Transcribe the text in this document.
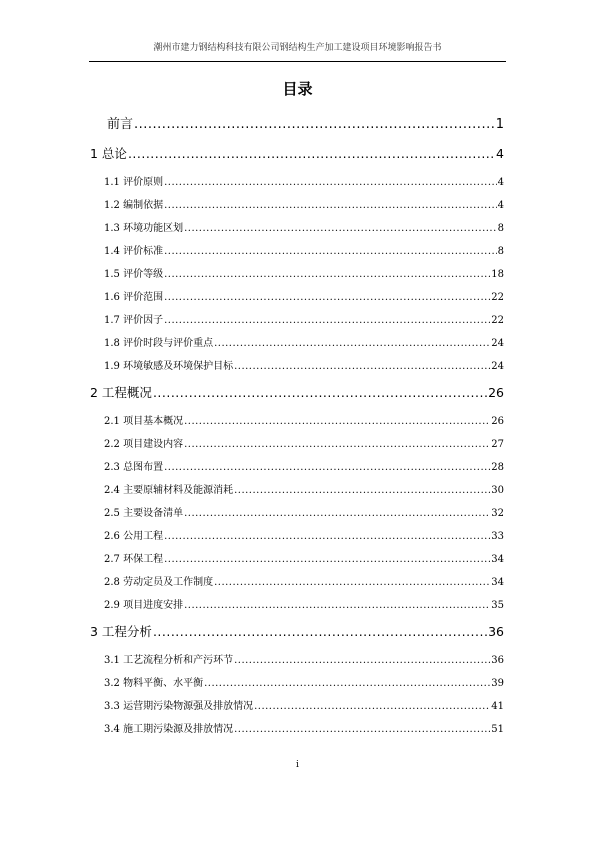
潮州市建力钢结构科技有限公司钢结构生产加工建设项目环境影响报告书
目录
前言 .....	1
1 总论 .....	4
1.1 评价原则 .....	4
1.2 编制依据 .....	4
1.3 环境功能区划 .....	8
1.4 评价标准 .....	8
1.5 评价等级 .....	18
1.6 评价范围 .....	22
1.7 评价因子 .....	22
1.8 评价时段与评价重点 .....	24
1.9 环境敏感及环境保护目标 .....	24
2 工程概况 .....	26
2.1 项目基本概况 .....	26
2.2 项目建设内容 .....	27
2.3 总图布置 .....	28
2.4 主要原辅材料及能源消耗 .....	30
2.5 主要设备清单 .....	32
2.6 公用工程 .....	33
2.7 环保工程 .....	34
2.8 劳动定员及工作制度 .....	34
2.9 项目进度安排 .....	35
3 工程分析 .....	36
3.1 工艺流程分析和产污环节 .....	36
3.2 物料平衡、水平衡 .....	39
3.3 运营期污染物源强及排放情况 .....	41
3.4 施工期污染源及排放情况 .....	51
i
